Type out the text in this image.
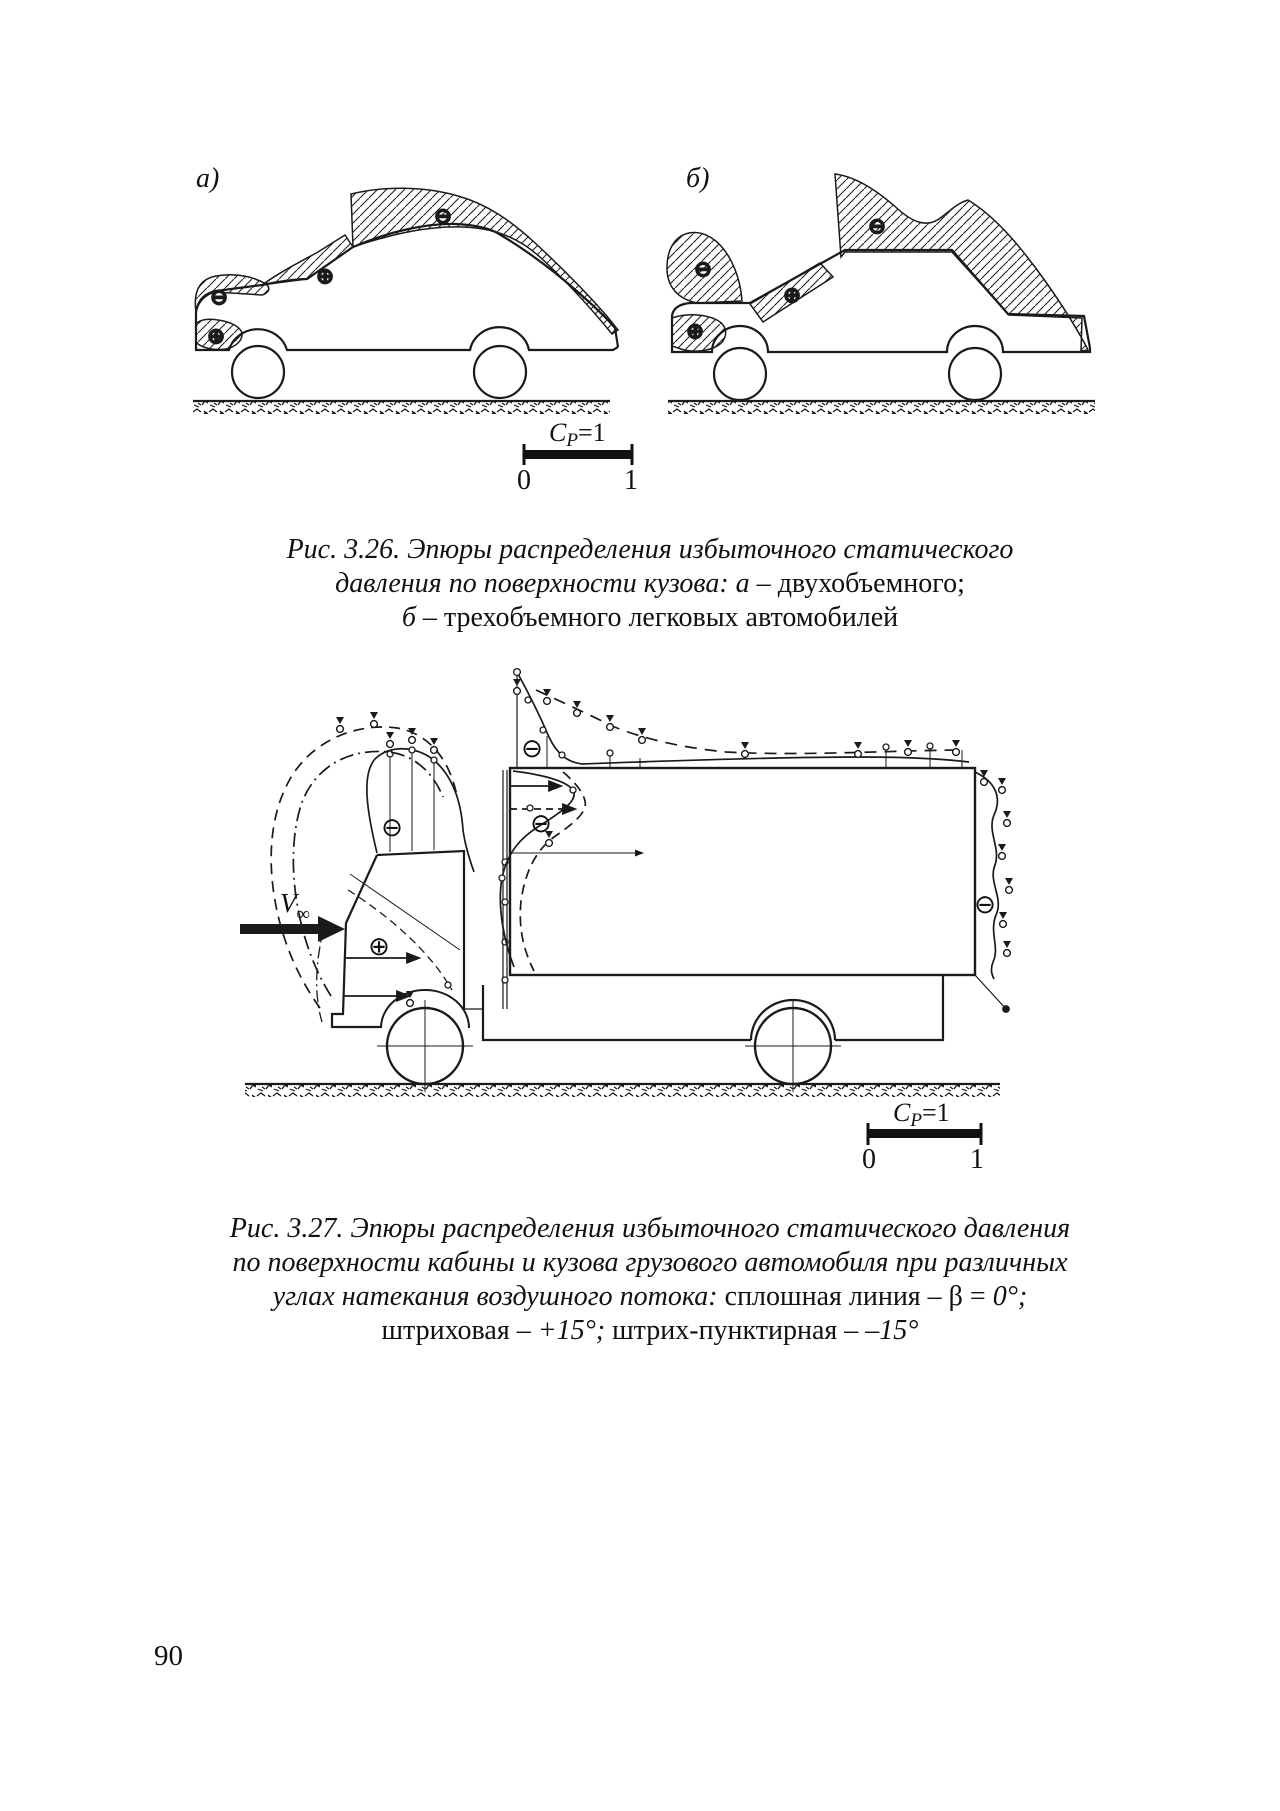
а)	б)
⊖
⊕
⊕
⊖
⊖
⊕
⊕
⊖
CP=1
0	1
Рис. 3.26. Эпюры распределения избыточного статического
давления по поверхности кузова: а – двухобъемного;
б – трехобъемного легковых автомобилей
⊕
⊖
⊖
⊖
⊖
$V_\infty$
CP=1
0	1
Рис. 3.27. Эпюры распределения избыточного статического давления
по поверхности кабины и кузова грузового автомобиля при различных
углах натекания воздушного потока: сплошная линия – β = 0°;
штриховая – +15°; штрих-пунктирная – –15°
90
